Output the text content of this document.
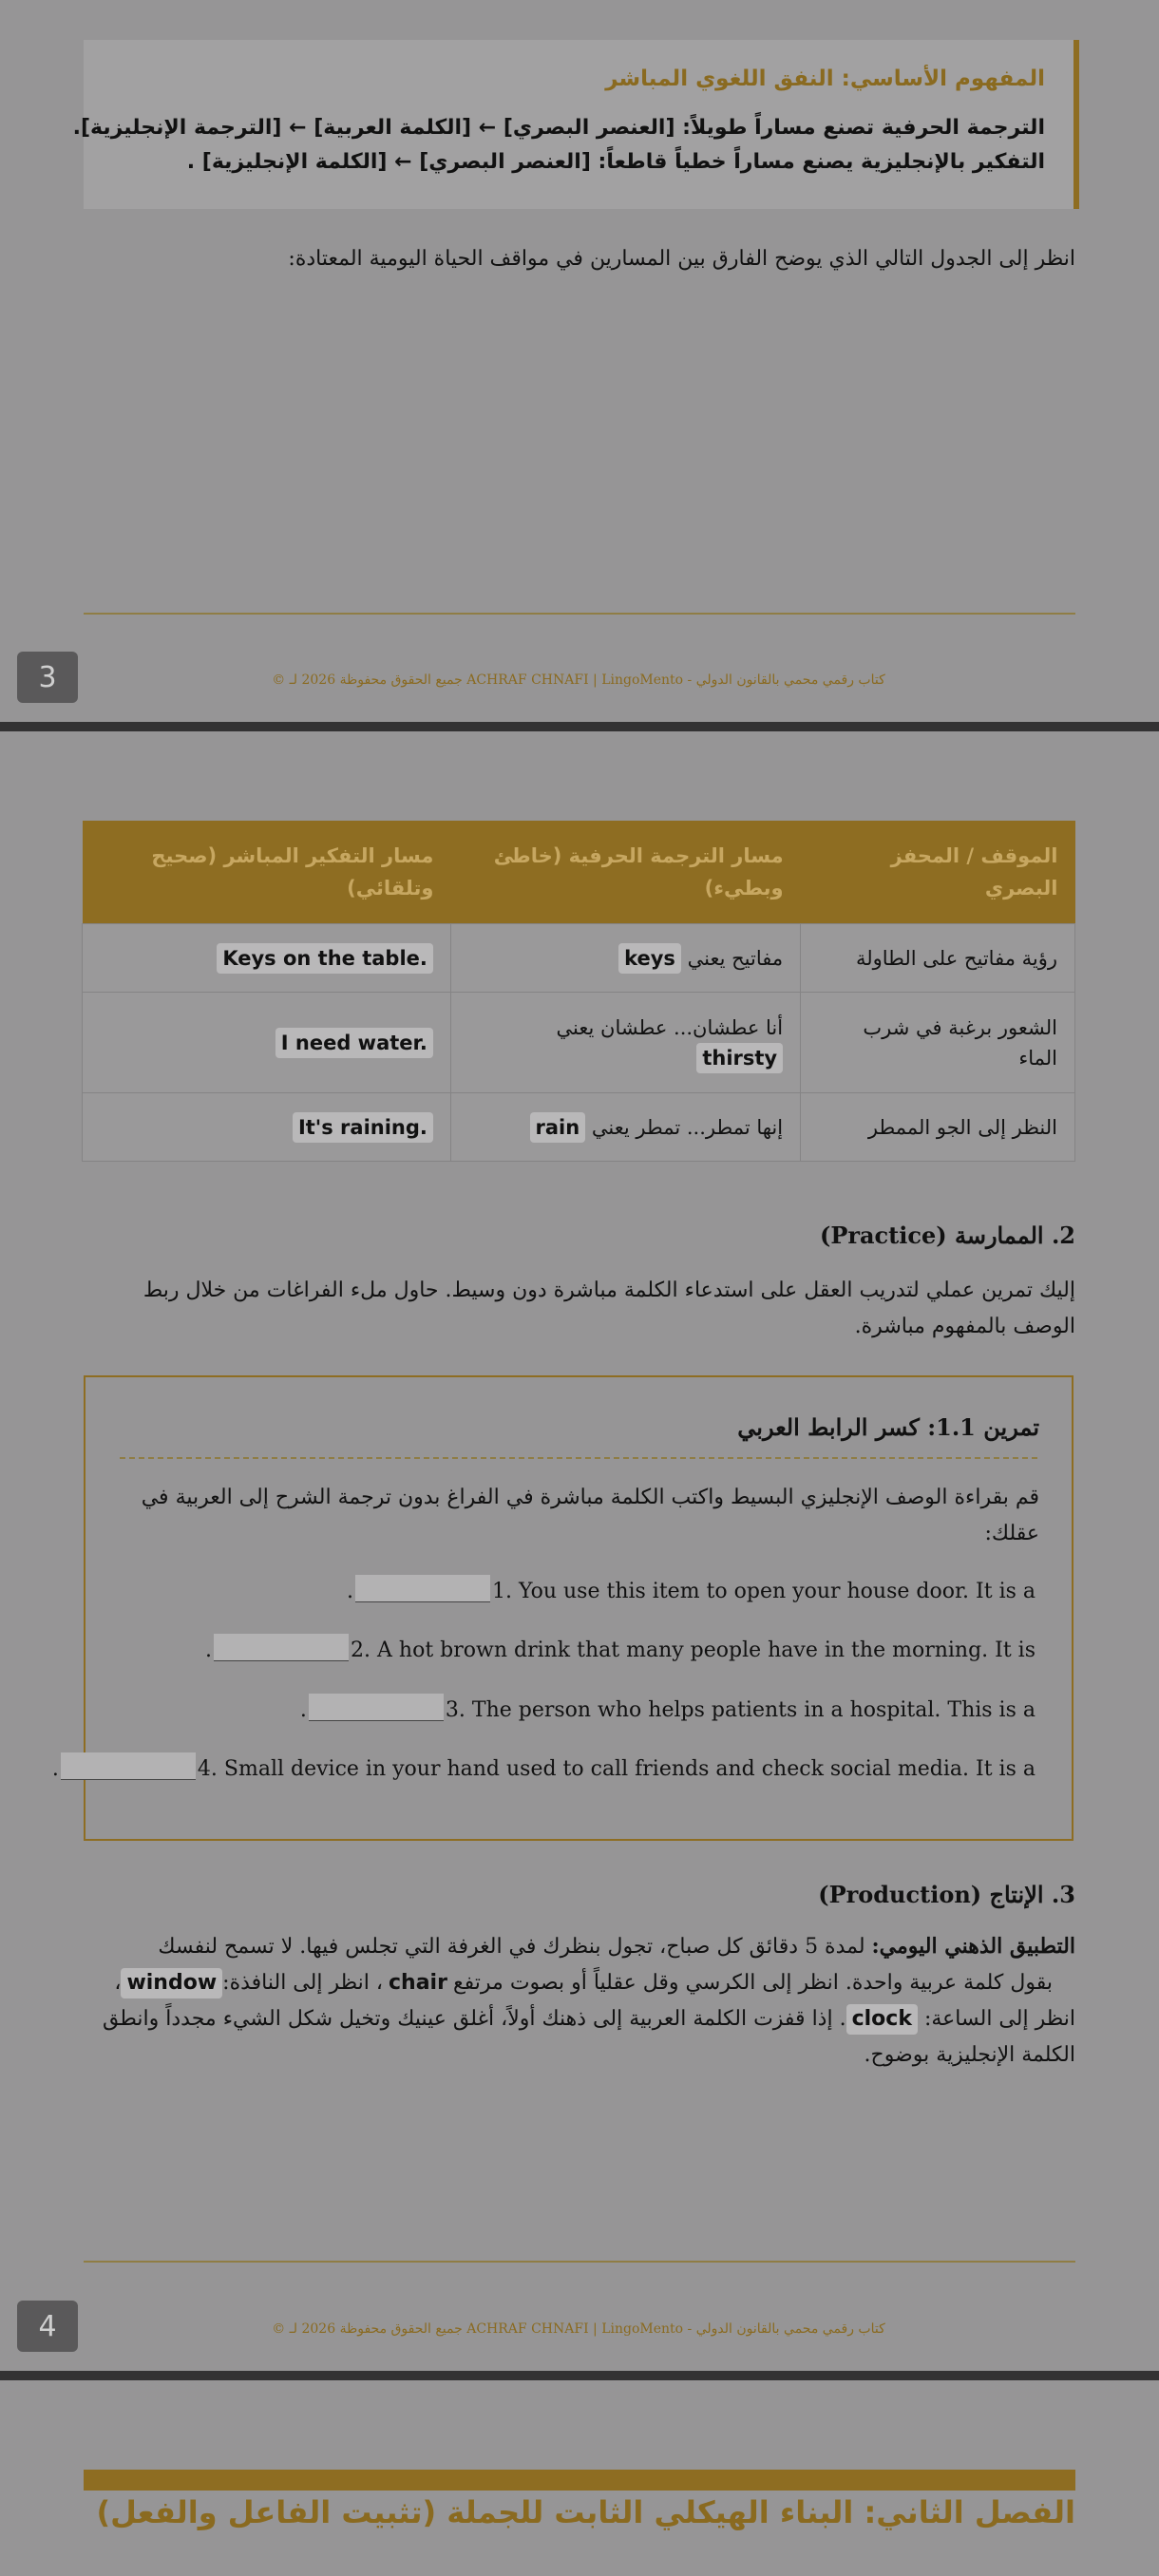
المفهوم الأساسي: النفق اللغوي المباشر
الترجمة الحرفية تصنع مساراً طويلاً: [العنصر البصري] ← [الكلمة العربية] ← [الترجمة الإنجليزية].
التفكير بالإنجليزية يصنع مساراً خطياً قاطعاً: [العنصر البصري] ← [الكلمة الإنجليزية] .
انظر إلى الجدول التالي الذي يوضح الفارق بين المسارين في مواقف الحياة اليومية المعتادة:
3	© جميع الحقوق محفوظة 2026 لـ ACHRAF CHNAFI | LingoMento - كتاب رقمي محمي بالقانون الدولي
الموقف / المحفز البصري	مسار الترجمة الحرفية (خاطئ وبطيء)	مسار التفكير المباشر (صحيح وتلقائي)
رؤية مفاتيح على الطاولة	مفاتيح يعني keys	Keys on the table.
الشعور برغبة في شرب الماء	أنا عطشان... عطشان يعني thirsty	I need water.
النظر إلى الجو الممطر	إنها تمطر... تمطر يعني rain	It's raining.
2. الممارسة (Practice)
إليك تمرين عملي لتدريب العقل على استدعاء الكلمة مباشرة دون وسيط. حاول ملء الفراغات من خلال ربط الوصف بالمفهوم مباشرة.
تمرين 1.1: كسر الرابط العربي
قم بقراءة الوصف الإنجليزي البسيط واكتب الكلمة مباشرة في الفراغ بدون ترجمة الشرح إلى العربية في عقلك:
.	1. You use this item to open your house door. It is a
.	2. A hot brown drink that many people have in the morning. It is
.	3. The person who helps patients in a hospital. This is a
.	4. Small device in your hand used to call friends and check social media. It is a
3. الإنتاج (Production)
التطبيق الذهني اليومي: لمدة 5 دقائق كل صباح، تجول بنظرك في الغرفة التي تجلس فيها. لا تسمح لنفسك
بقول كلمة عربية واحدة. انظر إلى الكرسي وقل عقلياً أو بصوت مرتفعchair، انظر إلى النافذة:window،
انظر إلى الساعة: clock. إذا قفزت الكلمة العربية إلى ذهنك أولاً، أغلق عينيك وتخيل شكل الشيء مجدداً وانطق
الكلمة الإنجليزية بوضوح.
4	© جميع الحقوق محفوظة 2026 لـ ACHRAF CHNAFI | LingoMento - كتاب رقمي محمي بالقانون الدولي
الفصل الثاني: البناء الهيكلي الثابت للجملة (تثبيت الفاعل والفعل)
